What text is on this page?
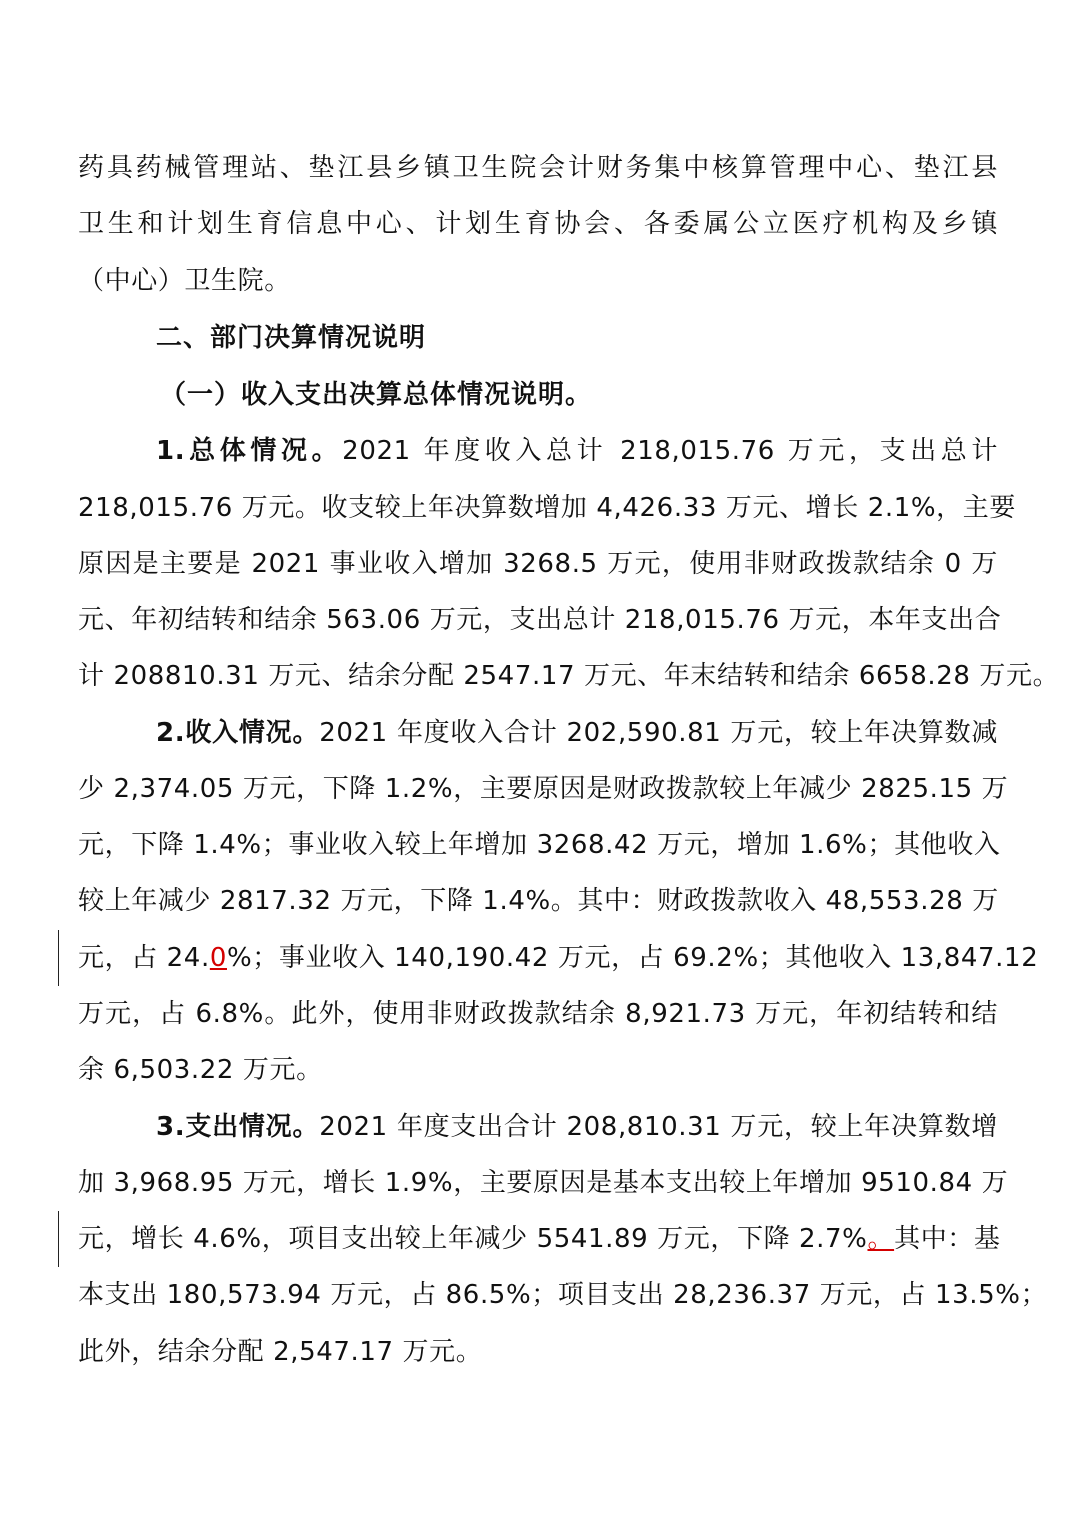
药具药械管理站、垫江县乡镇卫生院会计财务集中核算管理中心、垫江县
卫生和计划生育信息中心、计划生育协会、各委属公立医疗机构及乡镇
（中心）卫生院。
二、部门决算情况说明
（一）收入支出决算总体情况说明。
1.总体情况。2021 年度收入总计 218,015.76 万元，支出总计
218,015.76 万元。收支较上年决算数增加 4,426.33 万元、增长 2.1%，主要
原因是主要是 2021 事业收入增加 3268.5 万元，使用非财政拨款结余 0 万
元、年初结转和结余 563.06 万元，支出总计 218,015.76 万元，本年支出合
计 208810.31 万元、结余分配 2547.17 万元、年末结转和结余 6658.28 万元。
2.收入情况。2021 年度收入合计 202,590.81 万元，较上年决算数减
少 2,374.05 万元，下降 1.2%，主要原因是财政拨款较上年减少 2825.15 万
元，下降 1.4%；事业收入较上年增加 3268.42 万元，增加 1.6%；其他收入
较上年减少 2817.32 万元，下降 1.4%。其中：财政拨款收入 48,553.28 万
元，占 24.0%；事业收入 140,190.42 万元，占 69.2%；其他收入 13,847.12
万元，占 6.8%。此外，使用非财政拨款结余 8,921.73 万元，年初结转和结
余 6,503.22 万元。
3.支出情况。2021 年度支出合计 208,810.31 万元，较上年决算数增
加 3,968.95 万元，增长 1.9%，主要原因是基本支出较上年增加 9510.84 万
元，增长 4.6%，项目支出较上年减少 5541.89 万元，下降 2.7%。其中：基
本支出 180,573.94 万元，占 86.5%；项目支出 28,236.37 万元，占 13.5%；
此外，结余分配 2,547.17 万元。
